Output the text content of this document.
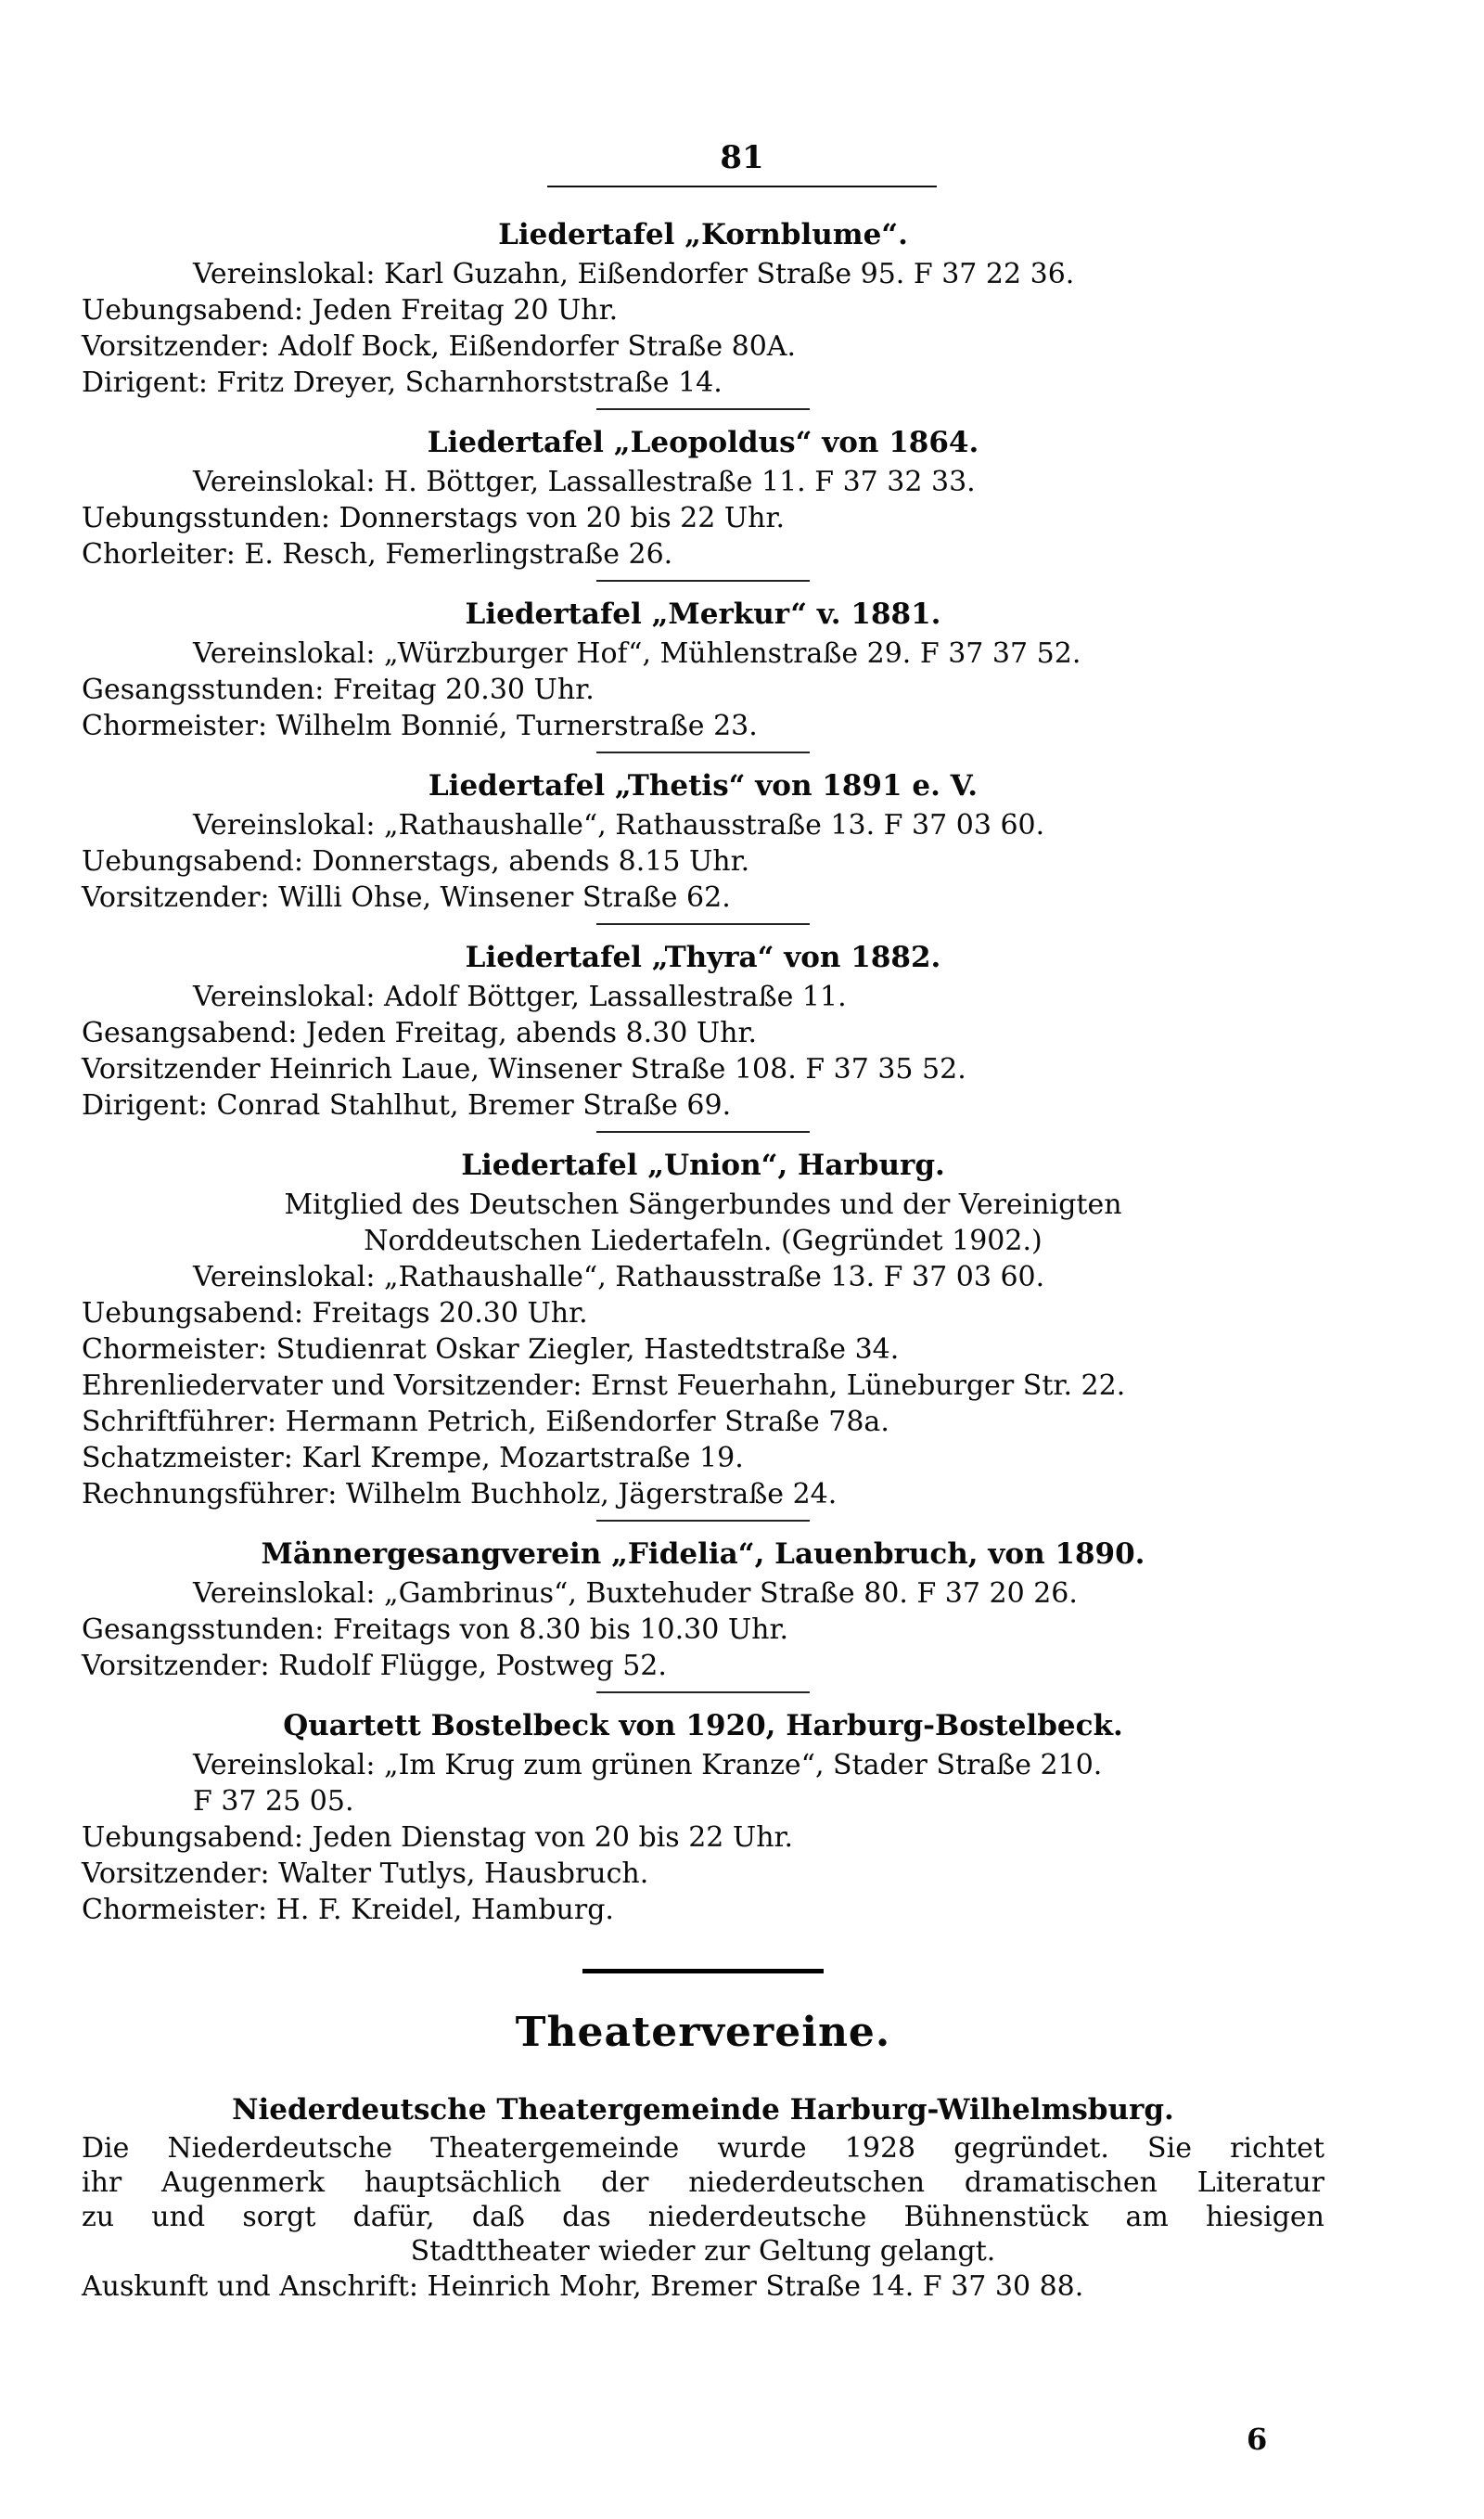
81
Liedertafel „Kornblume“.
Vereinslokal: Karl Guzahn, Eißendorfer Straße 95. F 37 22 36.
Uebungsabend: Jeden Freitag 20 Uhr.
Vorsitzender: Adolf Bock, Eißendorfer Straße 80A.
Dirigent: Fritz Dreyer, Scharnhorststraße 14.
Liedertafel „Leopoldus“ von 1864.
Vereinslokal: H. Böttger, Lassallestraße 11. F 37 32 33.
Uebungsstunden: Donnerstags von 20 bis 22 Uhr.
Chorleiter: E. Resch, Femerlingstraße 26.
Liedertafel „Merkur“ v. 1881.
Vereinslokal: „Würzburger Hof“, Mühlenstraße 29. F 37 37 52.
Gesangsstunden: Freitag 20.30 Uhr.
Chormeister: Wilhelm Bonnié, Turnerstraße 23.
Liedertafel „Thetis“ von 1891 e. V.
Vereinslokal: „Rathaushalle“, Rathausstraße 13. F 37 03 60.
Uebungsabend: Donnerstags, abends 8.15 Uhr.
Vorsitzender: Willi Ohse, Winsener Straße 62.
Liedertafel „Thyra“ von 1882.
Vereinslokal: Adolf Böttger, Lassallestraße 11.
Gesangsabend: Jeden Freitag, abends 8.30 Uhr.
Vorsitzender Heinrich Laue, Winsener Straße 108. F 37 35 52.
Dirigent: Conrad Stahlhut, Bremer Straße 69.
Liedertafel „Union“, Harburg.
Mitglied des Deutschen Sängerbundes und der Vereinigten
Norddeutschen Liedertafeln. (Gegründet 1902.)
Vereinslokal: „Rathaushalle“, Rathausstraße 13. F 37 03 60.
Uebungsabend: Freitags 20.30 Uhr.
Chormeister: Studienrat Oskar Ziegler, Hastedtstraße 34.
Ehrenliedervater und Vorsitzender: Ernst Feuerhahn, Lüneburger Str. 22.
Schriftführer: Hermann Petrich, Eißendorfer Straße 78a.
Schatzmeister: Karl Krempe, Mozartstraße 19.
Rechnungsführer: Wilhelm Buchholz, Jägerstraße 24.
Männergesangverein „Fidelia“, Lauenbruch, von 1890.
Vereinslokal: „Gambrinus“, Buxtehuder Straße 80. F 37 20 26.
Gesangsstunden: Freitags von 8.30 bis 10.30 Uhr.
Vorsitzender: Rudolf Flügge, Postweg 52.
Quartett Bostelbeck von 1920, Harburg-Bostelbeck.
Vereinslokal: „Im Krug zum grünen Kranze“, Stader Straße 210.
F 37 25 05.
Uebungsabend: Jeden Dienstag von 20 bis 22 Uhr.
Vorsitzender: Walter Tutlys, Hausbruch.
Chormeister: H. F. Kreidel, Hamburg.
Theatervereine.
Niederdeutsche Theatergemeinde Harburg-Wilhelmsburg.
Die Niederdeutsche Theatergemeinde wurde 1928 gegründet. Sie richtet
ihr Augenmerk hauptsächlich der niederdeutschen dramatischen Literatur
zu und sorgt dafür, daß das niederdeutsche Bühnenstück am hiesigen
Stadttheater wieder zur Geltung gelangt.
Auskunft und Anschrift: Heinrich Mohr, Bremer Straße 14. F 37 30 88.
6
